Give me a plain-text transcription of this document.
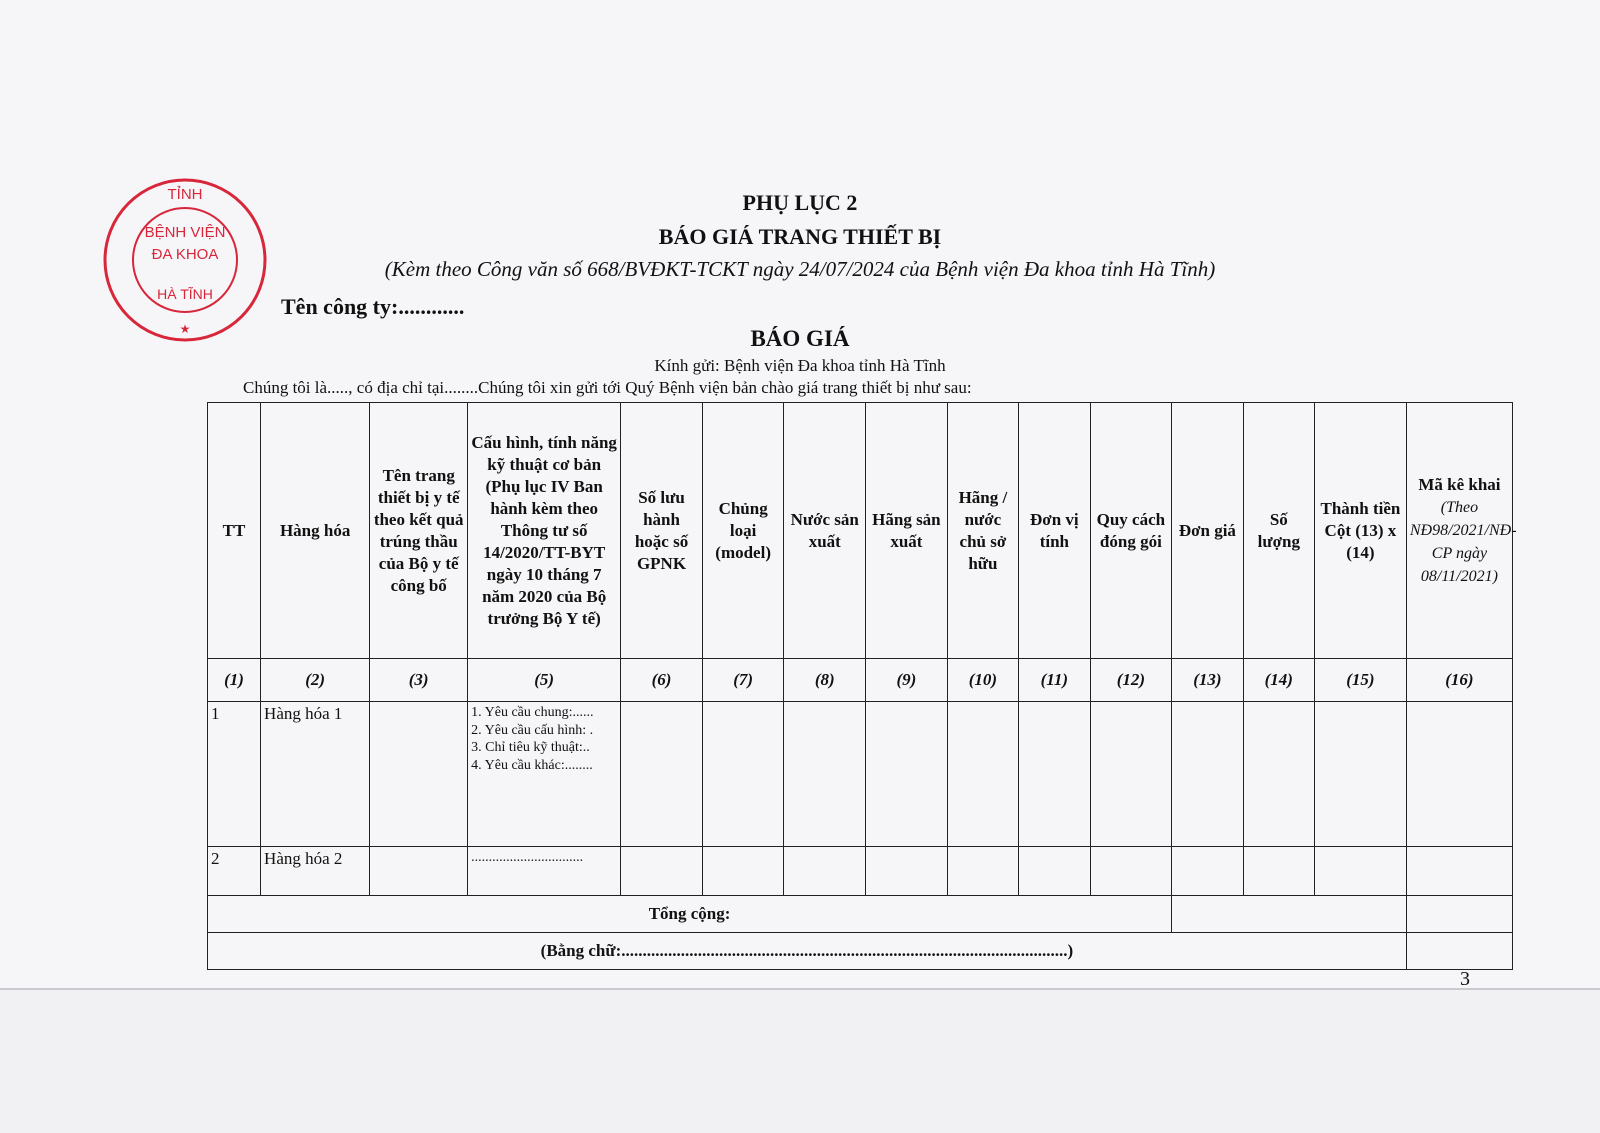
TỈNH
BỆNH VIỆN
ĐA KHOA
HÀ TĨNH
★
PHỤ LỤC 2
BÁO GIÁ TRANG THIẾT BỊ
(Kèm theo Công văn số 668/BVĐKT-TCKT ngày 24/07/2024 của Bệnh viện Đa khoa tỉnh Hà Tĩnh)
Tên công ty:............
BÁO GIÁ
Kính gửi: Bệnh viện Đa khoa tỉnh Hà Tĩnh
Chúng tôi là....., có địa chỉ tại........Chúng tôi xin gửi tới Quý Bệnh viện bản chào giá trang thiết bị như sau:
TT	Hàng hóa	Tên trang thiết bị y tế theo kết quả trúng thầu của Bộ y tế công bố	Cấu hình, tính năng kỹ thuật cơ bản (Phụ lục IV Ban hành kèm theo Thông tư số 14/2020/TT-BYT ngày 10 tháng 7 năm 2020 của Bộ trưởng Bộ Y tế)	Số lưu hành hoặc số GPNK	Chủng loại (model)	Nước sản xuất	Hãng sản xuất	Hãng / nước chủ sở hữu	Đơn vị tính	Quy cách đóng gói	Đơn giá	Số lượng	Thành tiền Cột (13) x (14)	Mã kê khai
(Theo NĐ98/2021/NĐ-CP ngày 08/11/2021)
(1)	(2)	(3)	(5)	(6)	(7)	(8)	(9)	(10)	(11)	(12)	(13)	(14)	(15)	(16)
1	Hàng hóa 1		1. Yêu cầu chung:......
2. Yêu cầu cấu hình: .
3. Chỉ tiêu kỹ thuật:..
4. Yêu cầu khác:........											

2	Hàng hóa 2		................................											
Tổng cộng:														
(Bằng chữ:.........................................................................................................)														
3
